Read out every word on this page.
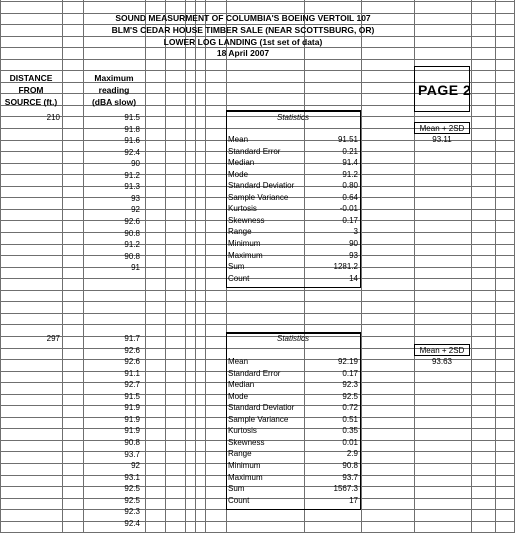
SOUND MEASURMENT OF COLUMBIA'S BOEING VERTOIL 107
BLM'S CEDAR HOUSE TIMBER SALE (NEAR SCOTTSBURG, OR)
LOWER LOG LANDING (1st set of data)
18 April 2007
DISTANCE
FROM
SOURCE (ft.)
Maximum
reading
(dBA slow)
PAGE 2
210	91.5
91.8
91.6
92.4
90
91.2
91.3
93
92
92.6
90.8
91.2
90.8
91
Statistics
Mean	91.51
Standard Error	0.21
Median	91.4
Mode	91.2
Standard Deviatior	0.80
Sample Variance	0.64
Kurtosis	-0.01
Skewness	0.17
Range	3
Minimum	90
Maximum	93
Sum	1281.2
Count	14
Mean + 2SD
93.11
297	91.7
92.6
92.6
91.1
92.7
91.5
91.9
91.9
91.9
90.8
93.7
92
93.1
92.5
92.5
92.3
92.4
Statistics
Mean	92.19
Standard Error	0.17
Median	92.3
Mode	92.5
Standard Deviatior	0.72
Sample Variance	0.51
Kurtosis	0.35
Skewness	0.01
Range	2.9
Minimum	90.8
Maximum	93.7
Sum	1567.3
Count	17
Mean + 2SD
93.63
